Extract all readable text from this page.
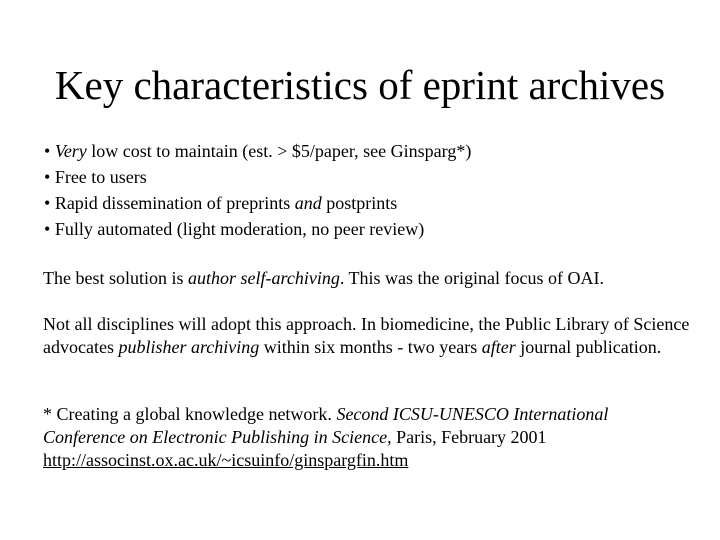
Key characteristics of eprint archives
• Very low cost to maintain (est. > $5/paper, see Ginsparg*)
• Free to users
• Rapid dissemination of preprints and postprints
• Fully automated (light moderation, no peer review)
The best solution is author self-archiving. This was the original focus of OAI.
Not all disciplines will adopt this approach. In biomedicine, the Public Library of Science advocates publisher archiving within six months - two years after journal publication.
* Creating a global knowledge network. Second ICSU-UNESCO International
Conference on Electronic Publishing in Science, Paris, February 2001
http://associnst.ox.ac.uk/~icsuinfo/ginspargfin.htm
